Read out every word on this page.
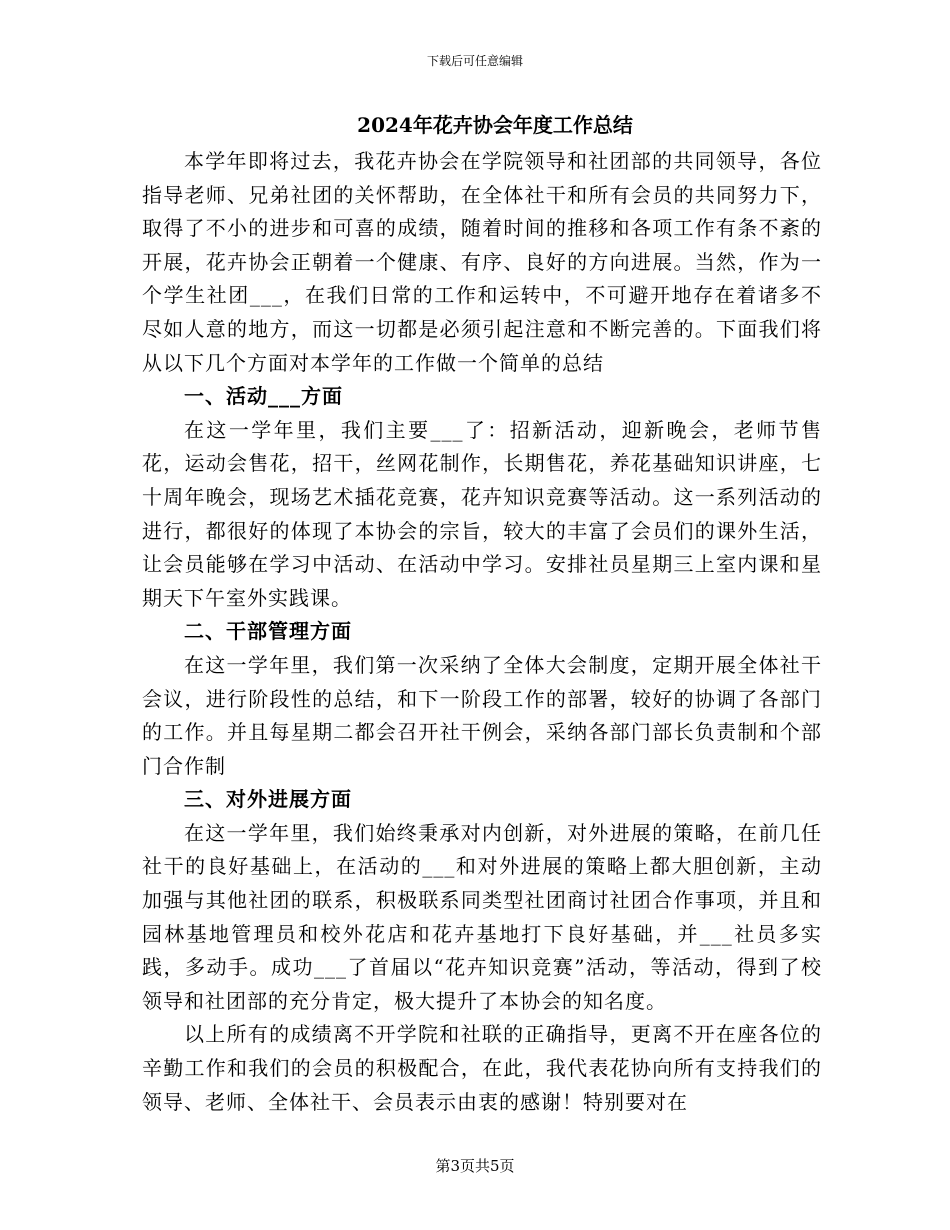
下载后可任意编辑
2024年花卉协会年度工作总结

本学年即将过去，我花卉协会在学院领导和社团部的共同领导，各位指导老师、兄弟社团的关怀帮助，在全体社干和所有会员的共同努力下，取得了不小的进步和可喜的成绩，随着时间的推移和各项工作有条不紊的开展，花卉协会正朝着一个健康、有序、良好的方向进展。当然，作为一个学生社团___，在我们日常的工作和运转中，不可避开地存在着诸多不尽如人意的地方，而这一切都是必须引起注意和不断完善的。下面我们将从以下几个方面对本学年的工作做一个简单的总结

一、活动___方面

在这一学年里，我们主要___了：招新活动，迎新晚会，老师节售花，运动会售花，招干，丝网花制作，长期售花，养花基础知识讲座，七十周年晚会，现场艺术插花竞赛，花卉知识竞赛等活动。这一系列活动的进行，都很好的体现了本协会的宗旨，较大的丰富了会员们的课外生活，让会员能够在学习中活动、在活动中学习。安排社员星期三上室内课和星期天下午室外实践课。

二、干部管理方面

在这一学年里，我们第一次采纳了全体大会制度，定期开展全体社干会议，进行阶段性的总结，和下一阶段工作的部署，较好的协调了各部门的工作。并且每星期二都会召开社干例会，采纳各部门部长负责制和个部门合作制

三、对外进展方面

在这一学年里，我们始终秉承对内创新，对外进展的策略，在前几任社干的良好基础上，在活动的___和对外进展的策略上都大胆创新，主动加强与其他社团的联系，积极联系同类型社团商讨社团合作事项，并且和园林基地管理员和校外花店和花卉基地打下良好基础，并___社员多实践，多动手。成功___了首届以“花卉知识竞赛”活动，等活动，得到了校领导和社团部的充分肯定，极大提升了本协会的知名度。

以上所有的成绩离不开学院和社联的正确指导，更离不开在座各位的辛勤工作和我们的会员的积极配合，在此，我代表花协向所有支持我们的领导、老师、全体社干、会员表示由衷的感谢！特别要对在

第3页共5页
